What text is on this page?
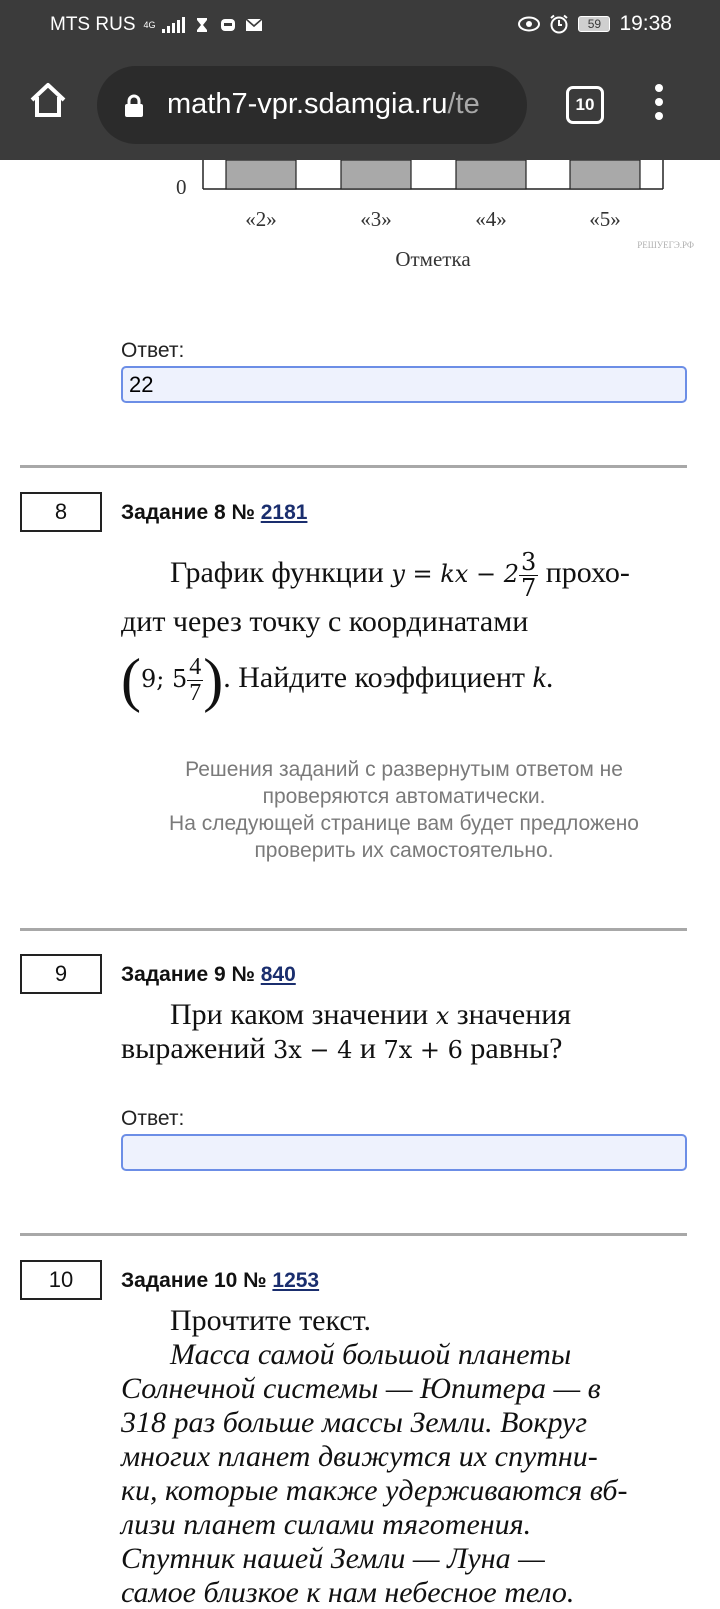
MTS RUS 4G	59 19:38
math7-vpr.sdamgia.ru/te	10
0
«2»	«3»	«4»	«5»
РЕШУЕГЭ.РФ
Отметка
Ответ:
22
8	Задание 8 № 2181
График функции y = kx − $2 \frac{3}{7}$ прохо-
дит через точку с координатами
(9; $5 \frac{4}{7}$ ). Найдите коэффициент k.
Решения заданий с развернутым ответом не
проверяются автоматически.
На следующей странице вам будет предложено
проверить их самостоятельно.
9	Задание 9 № 840
При каком значении x значения
выражений 3x − 4 и 7x + 6 равны?
Ответ:
10	Задание 10 № 1253
Прочтите текст.
Масса самой большой планеты
Солнечной системы — Юпитера — в
318 раз больше массы Земли. Вокруг
многих планет движутся их спутни-
ки, которые также удерживаются вб-
лизи планет силами тяготения.
Спутник нашей Земли — Луна —
самое близкое к нам небесное тело.
